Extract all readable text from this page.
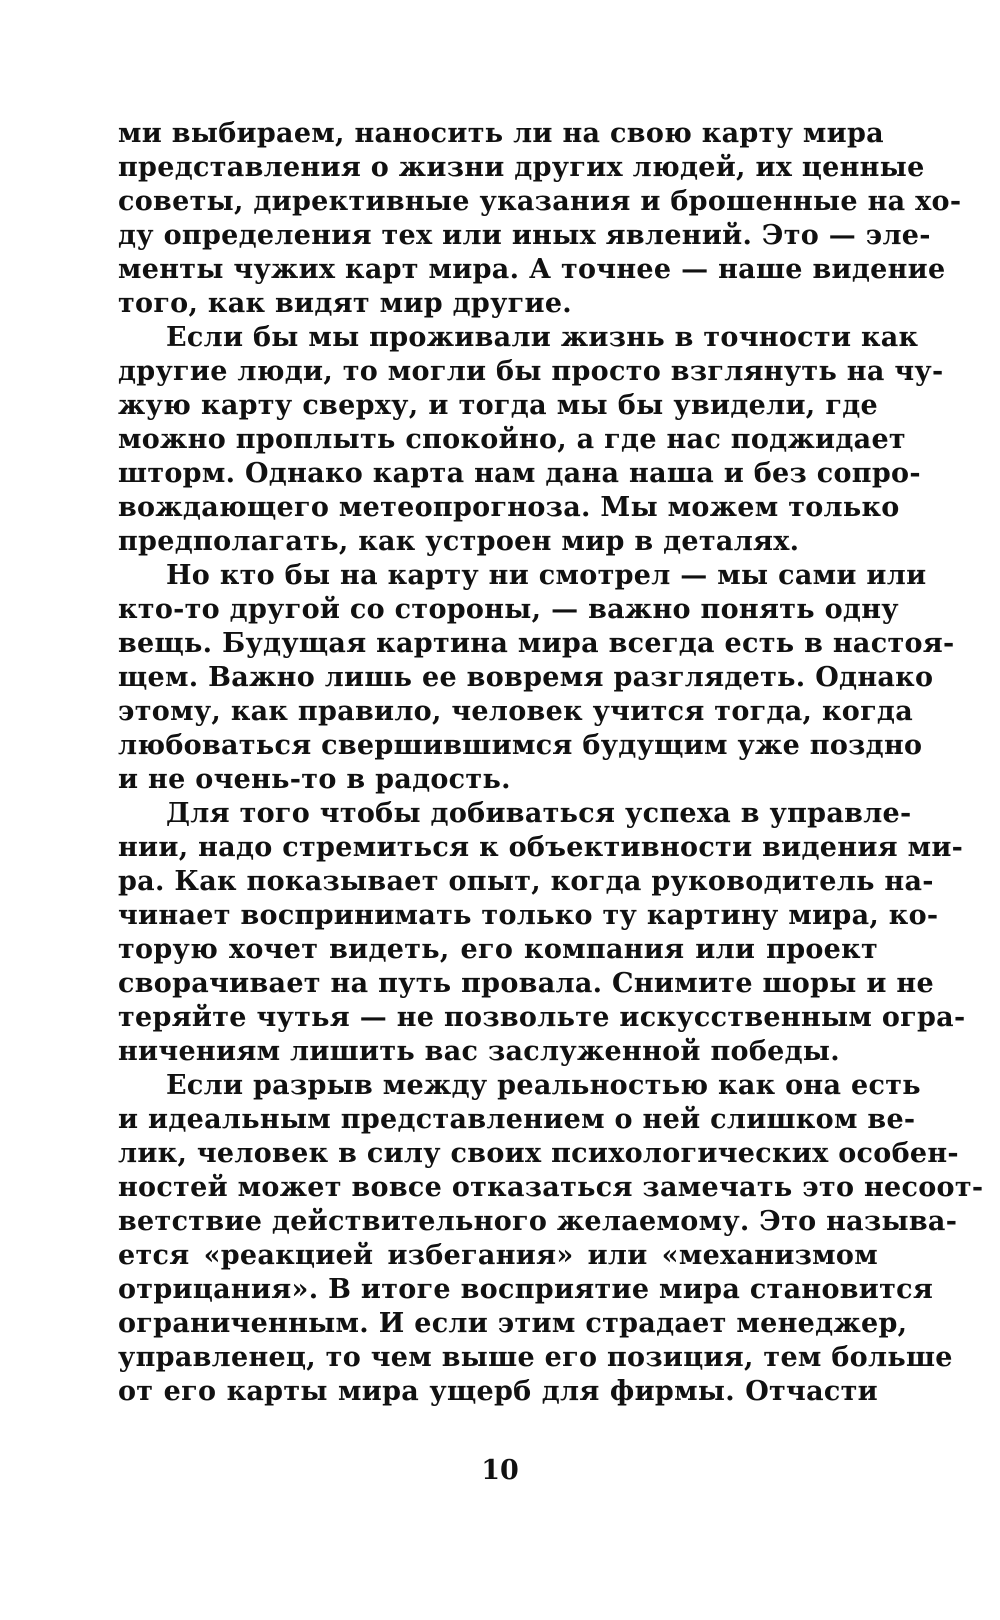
ми выбираем, наносить ли на свою карту мира
представления о жизни других людей, их ценные
советы, директивные указания и брошенные на хо-
ду определения тех или иных явлений. Это — эле-
менты чужих карт мира. А точнее — наше видение
того, как видят мир другие.
Если бы мы проживали жизнь в точности как
другие люди, то могли бы просто взглянуть на чу-
жую карту сверху, и тогда мы бы увидели, где
можно проплыть спокойно, а где нас поджидает
шторм. Однако карта нам дана наша и без сопро-
вождающего метеопрогноза. Мы можем только
предполагать, как устроен мир в деталях.
Но кто бы на карту ни смотрел — мы сами или
кто-то другой со стороны, — важно понять одну
вещь. Будущая картина мира всегда есть в настоя-
щем. Важно лишь ее вовремя разглядеть. Однако
этому, как правило, человек учится тогда, когда
любоваться свершившимся будущим уже поздно
и не очень-то в радость.
Для того чтобы добиваться успеха в управле-
нии, надо стремиться к объективности видения ми-
ра. Как показывает опыт, когда руководитель на-
чинает воспринимать только ту картину мира, ко-
торую хочет видеть, его компания или проект
сворачивает на путь провала. Снимите шоры и не
теряйте чутья — не позвольте искусственным огра-
ничениям лишить вас заслуженной победы.
Если разрыв между реальностью как она есть
и идеальным представлением о ней слишком ве-
лик, человек в силу своих психологических особен-
ностей может вовсе отказаться замечать это несоот-
ветствие действительного желаемому. Это называ-
ется «реакцией избегания» или «механизмом
отрицания». В итоге восприятие мира становится
ограниченным. И если этим страдает менеджер,
управленец, то чем выше его позиция, тем больше
от его карты мира ущерб для фирмы. Отчасти
10
